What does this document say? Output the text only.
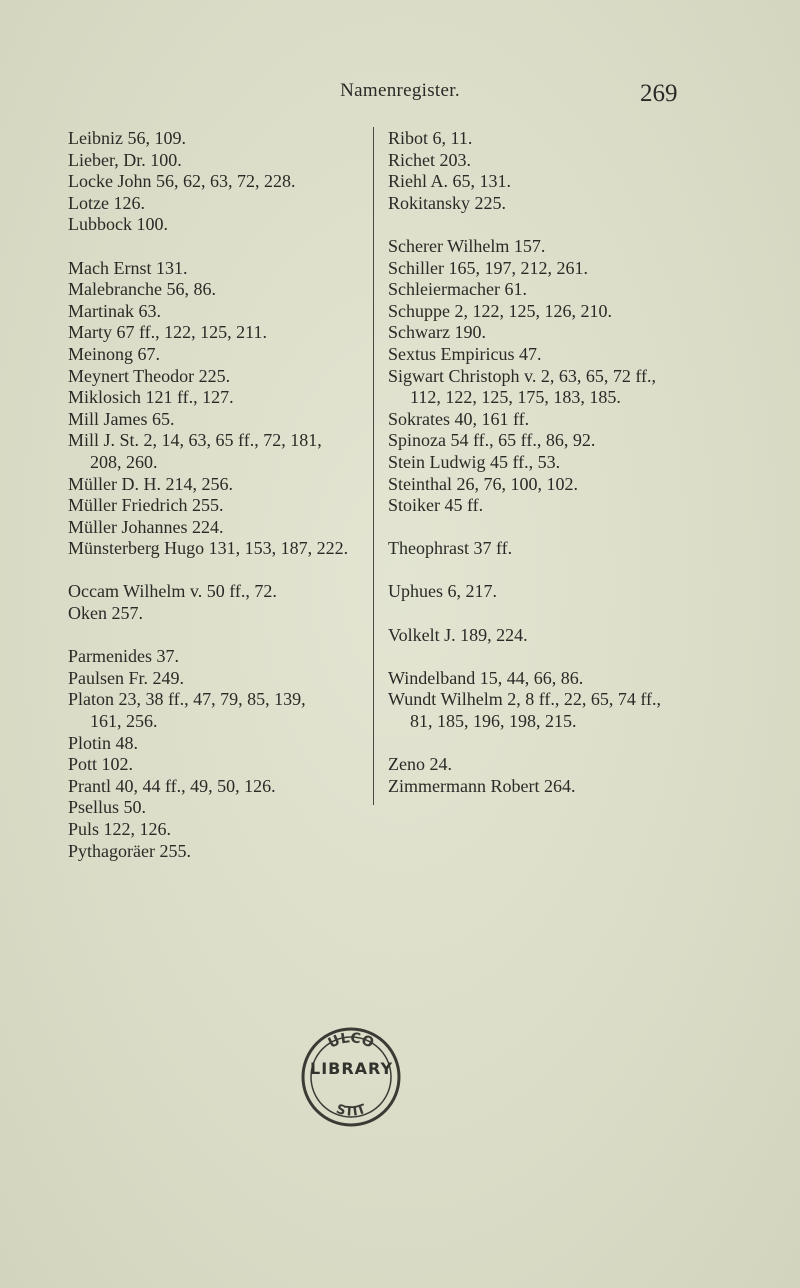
Namenregister.	269
Leibniz 56, 109.
Lieber, Dr. 100.
Locke John 56, 62, 63, 72, 228.
Lotze 126.
Lubbock 100.
Mach Ernst 131.
Malebranche 56, 86.
Martinak 63.
Marty 67 ff., 122, 125, 211.
Meinong 67.
Meynert Theodor 225.
Miklosich 121 ff., 127.
Mill James 65.
Mill J. St. 2, 14, 63, 65 ff., 72, 181,
208, 260.
Müller D. H. 214, 256.
Müller Friedrich 255.
Müller Johannes 224.
Münsterberg Hugo 131, 153, 187, 222.
Occam Wilhelm v. 50 ff., 72.
Oken 257.
Parmenides 37.
Paulsen Fr. 249.
Platon 23, 38 ff., 47, 79, 85, 139,
161, 256.
Plotin 48.
Pott 102.
Prantl 40, 44 ff., 49, 50, 126.
Psellus 50.
Puls 122, 126.
Pythagoräer 255.
Ribot 6, 11.
Richet 203.
Riehl A. 65, 131.
Rokitansky 225.
Scherer Wilhelm 157.
Schiller 165, 197, 212, 261.
Schleiermacher 61.
Schuppe 2, 122, 125, 126, 210.
Schwarz 190.
Sextus Empiricus 47.
Sigwart Christoph v. 2, 63, 65, 72 ff.,
112, 122, 125, 175, 183, 185.
Sokrates 40, 161 ff.
Spinoza 54 ff., 65 ff., 86, 92.
Stein Ludwig 45 ff., 53.
Steinthal 26, 76, 100, 102.
Stoiker 45 ff.
Theophrast 37 ff.
Uphues 6, 217.
Volkelt J. 189, 224.
Windelband 15, 44, 66, 86.
Wundt Wilhelm 2, 8 ff., 22, 65, 74 ff.,
81, 185, 196, 198, 215.
Zeno 24.
Zimmermann Robert 264.
ULCO
STIT
LIBRARY
